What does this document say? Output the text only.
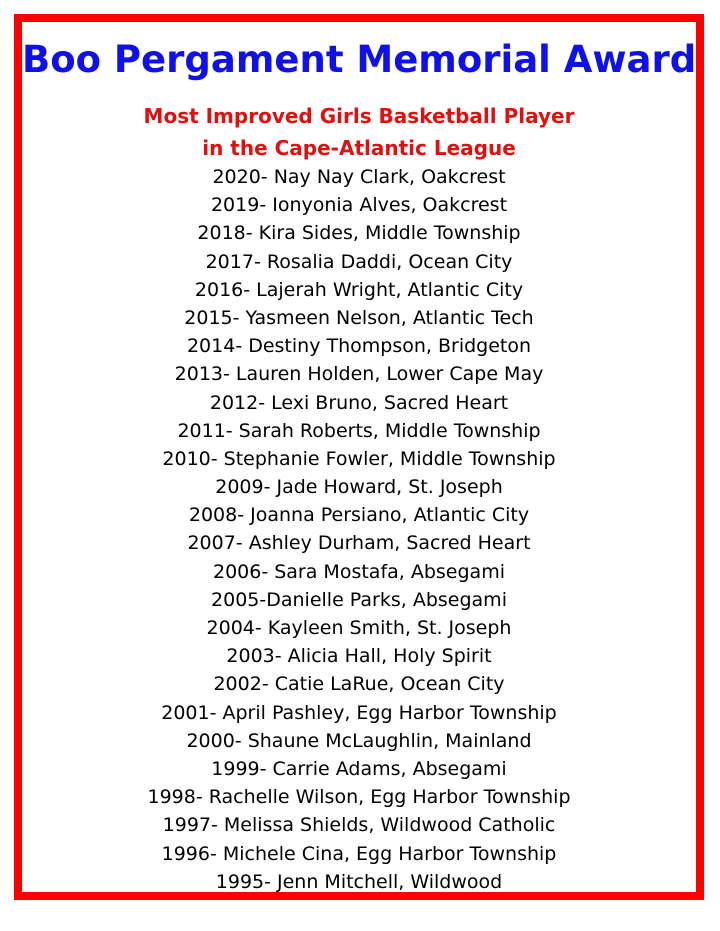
Boo Pergament Memorial Award
Most Improved Girls Basketball Player
in the Cape-Atlantic League
2020- Nay Nay Clark, Oakcrest
2019- Ionyonia Alves, Oakcrest
2018- Kira Sides, Middle Township
2017- Rosalia Daddi, Ocean City
2016- Lajerah Wright, Atlantic City
2015- Yasmeen Nelson, Atlantic Tech
2014- Destiny Thompson, Bridgeton
2013- Lauren Holden, Lower Cape May
2012- Lexi Bruno, Sacred Heart
2011- Sarah Roberts, Middle Township
2010- Stephanie Fowler, Middle Township
2009- Jade Howard, St. Joseph
2008- Joanna Persiano, Atlantic City
2007- Ashley Durham, Sacred Heart
2006- Sara Mostafa, Absegami
2005-Danielle Parks, Absegami
2004- Kayleen Smith, St. Joseph
2003- Alicia Hall, Holy Spirit
2002- Catie LaRue, Ocean City
2001- April Pashley, Egg Harbor Township
2000- Shaune McLaughlin, Mainland
1999- Carrie Adams, Absegami
1998- Rachelle Wilson, Egg Harbor Township
1997- Melissa Shields, Wildwood Catholic
1996- Michele Cina, Egg Harbor Township
1995- Jenn Mitchell, Wildwood
